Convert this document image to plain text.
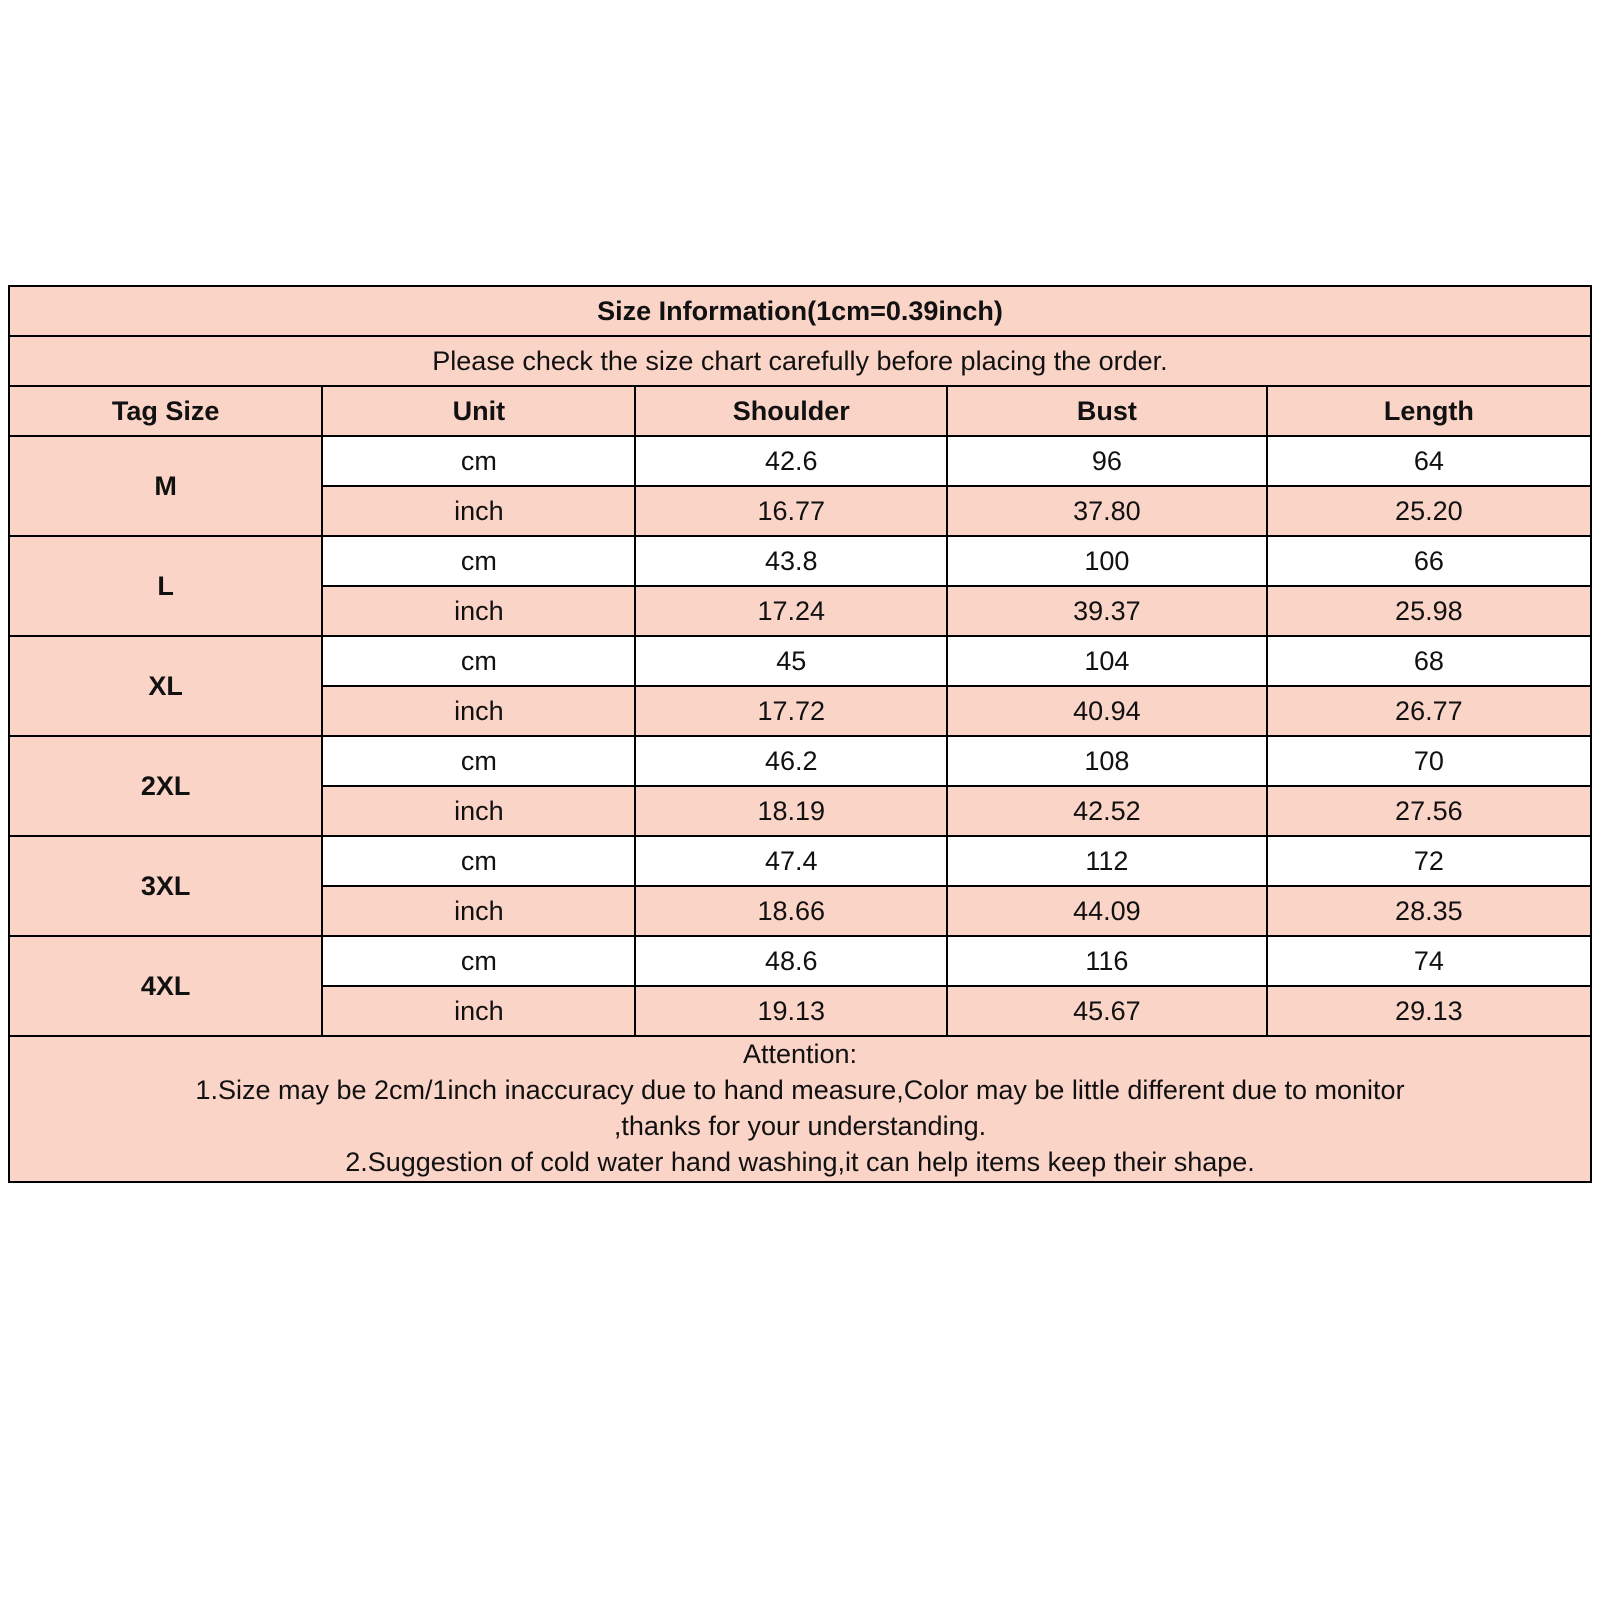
Size Information(1cm=0.39inch)				
Please check the size chart carefully before placing the order.				
Tag Size	Unit	Shoulder	Bust	Length
M	cm	42.6	96	64
	inch	16.77	37.80	25.20
L	cm	43.8	100	66
	inch	17.24	39.37	25.98
XL	cm	45	104	68
	inch	17.72	40.94	26.77
2XL	cm	46.2	108	70
	inch	18.19	42.52	27.56
3XL	cm	47.4	112	72
	inch	18.66	44.09	28.35
4XL	cm	48.6	116	74
	inch	19.13	45.67	29.13

Attention:
1.Size may be 2cm/1inch inaccuracy due to hand measure,Color may be little different due to monitor
,thanks for your understanding.
2.Suggestion of cold water hand washing,it can help items keep their shape.				
